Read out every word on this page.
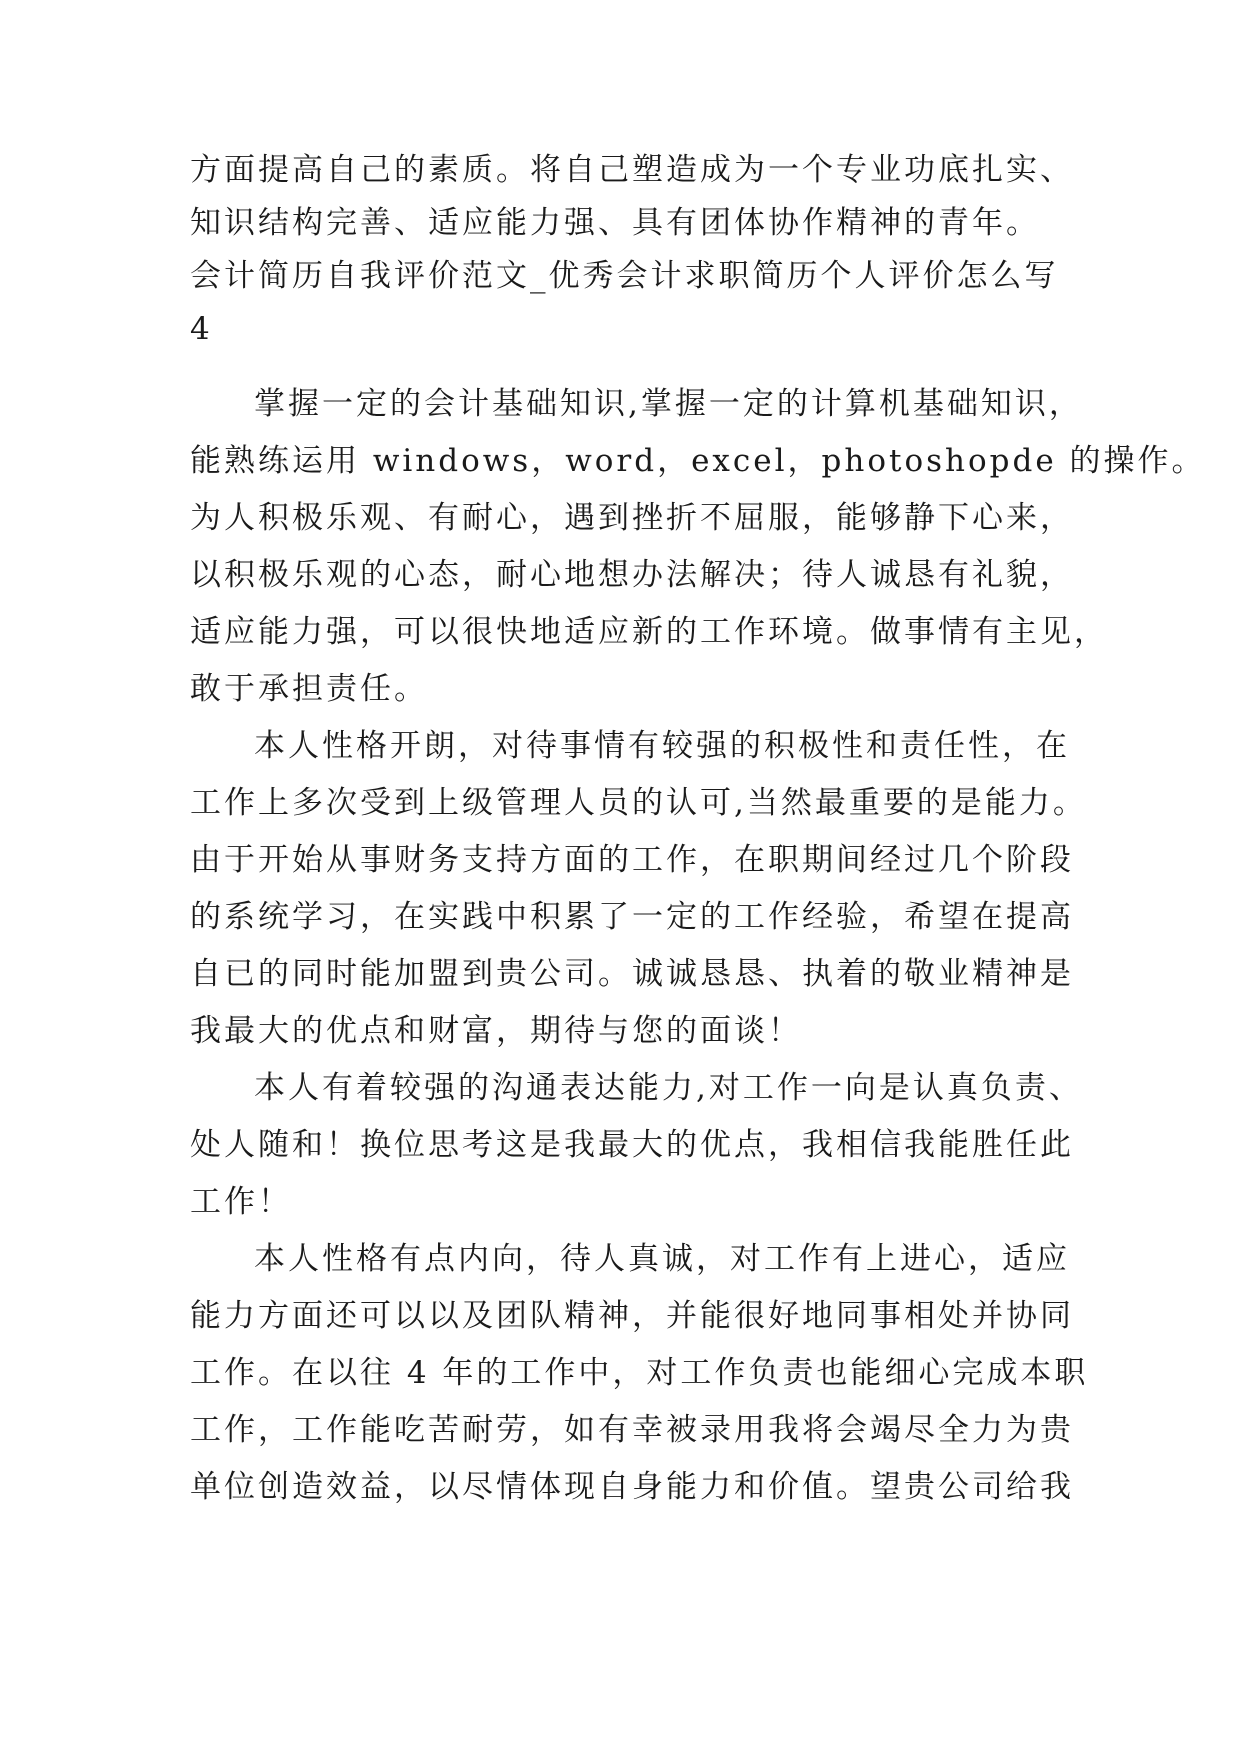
方面提高自己的素质。将自己塑造成为一个专业功底扎实、
知识结构完善、适应能力强、具有团体协作精神的青年。
会计简历自我评价范文_优秀会计求职简历个人评价怎么写
4
掌握一定的会计基础知识,掌握一定的计算机基础知识，
能熟练运用 windows，word，excel，photoshopde 的操作。
为人积极乐观、有耐心，遇到挫折不屈服，能够静下心来，
以积极乐观的心态，耐心地想办法解决；待人诚恳有礼貌，
适应能力强，可以很快地适应新的工作环境。做事情有主见，
敢于承担责任。
本人性格开朗，对待事情有较强的积极性和责任性，在
工作上多次受到上级管理人员的认可,当然最重要的是能力。
由于开始从事财务支持方面的工作，在职期间经过几个阶段
的系统学习，在实践中积累了一定的工作经验，希望在提高
自已的同时能加盟到贵公司。诚诚恳恳、执着的敬业精神是
我最大的优点和财富，期待与您的面谈！
本人有着较强的沟通表达能力,对工作一向是认真负责、
处人随和！换位思考这是我最大的优点，我相信我能胜任此
工作！
本人性格有点内向，待人真诚，对工作有上进心，适应
能力方面还可以以及团队精神，并能很好地同事相处并协同
工作。在以往 4 年的工作中，对工作负责也能细心完成本职
工作，工作能吃苦耐劳，如有幸被录用我将会竭尽全力为贵
单位创造效益，以尽情体现自身能力和价值。望贵公司给我
